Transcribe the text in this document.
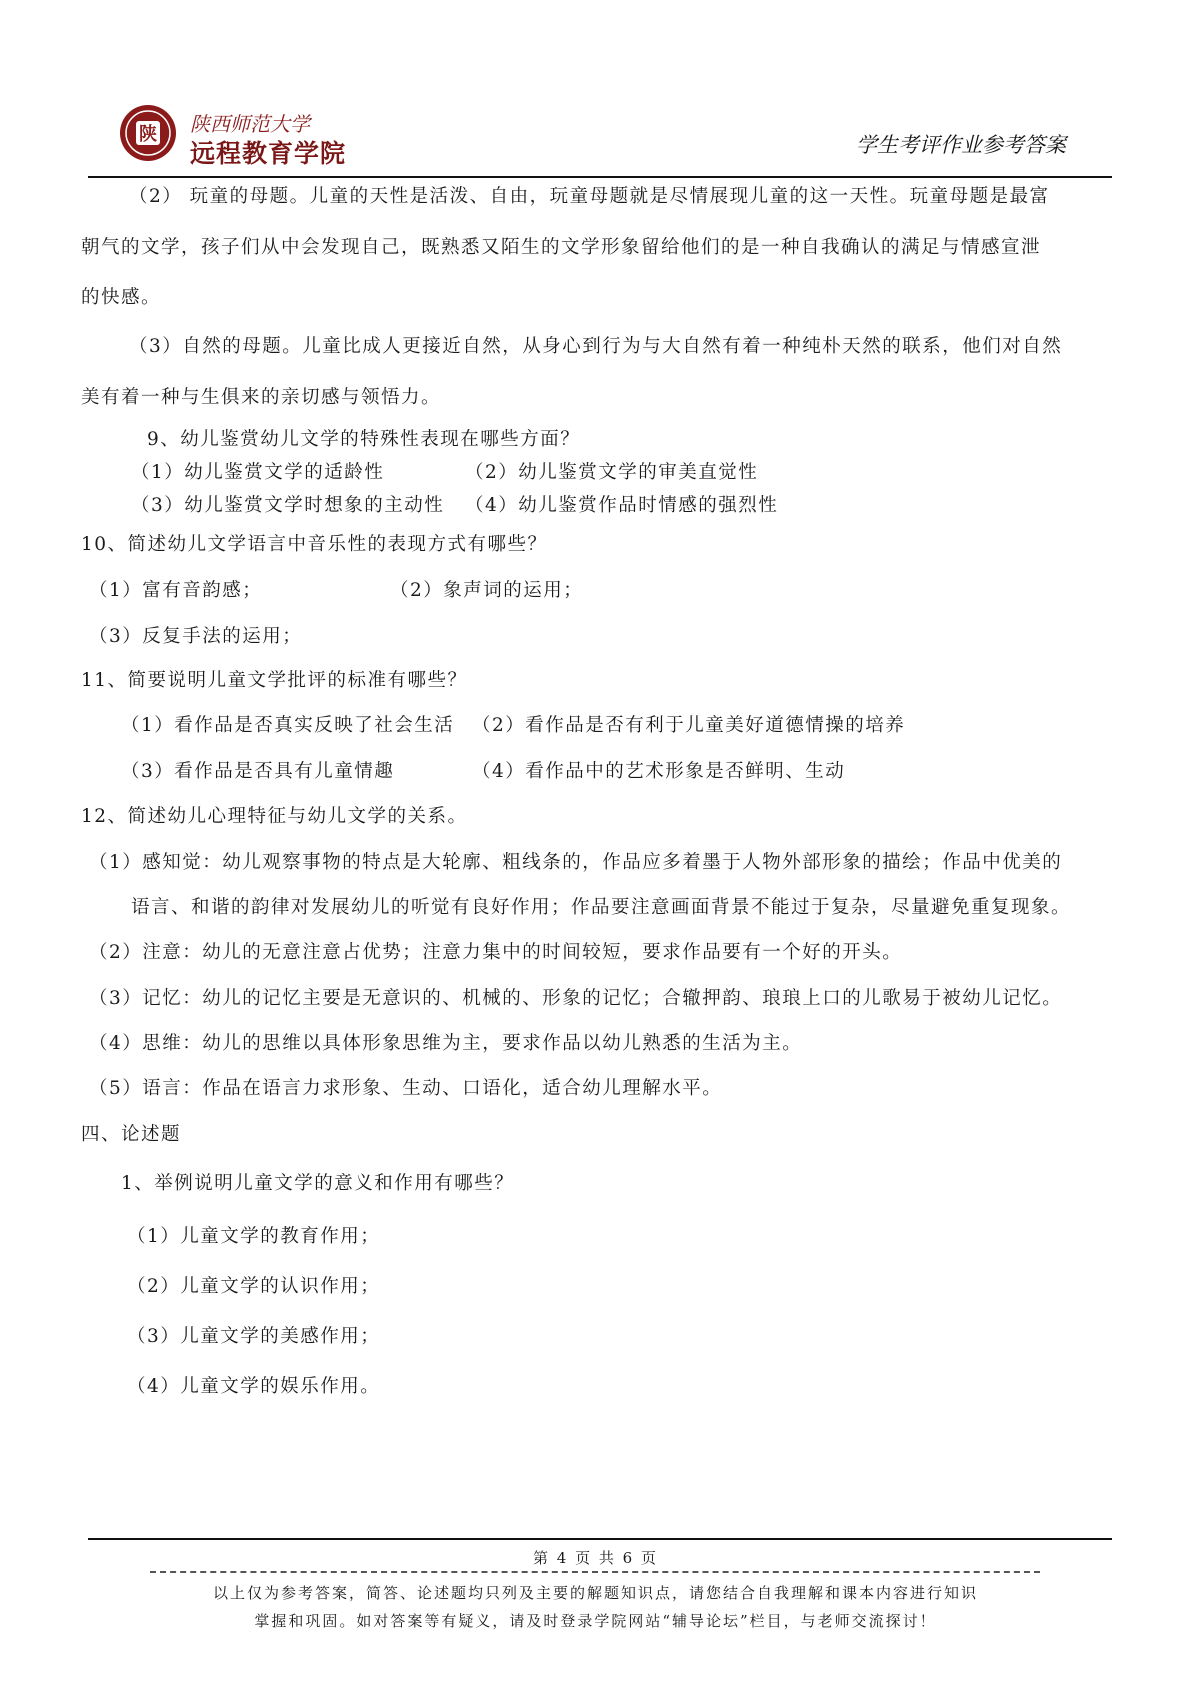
陕 陕西师范大学
远程教育学院	学生考评作业参考答案
（2） 玩童的母题。儿童的天性是活泼、自由，玩童母题就是尽情展现儿童的这一天性。玩童母题是最富
朝气的文学，孩子们从中会发现自己，既熟悉又陌生的文学形象留给他们的是一种自我确认的满足与情感宣泄
的快感。
（3）自然的母题。儿童比成人更接近自然，从身心到行为与大自然有着一种纯朴天然的联系，他们对自然
美有着一种与生俱来的亲切感与领悟力。
9、幼儿鉴赏幼儿文学的特殊性表现在哪些方面？
（1）幼儿鉴赏文学的适龄性	（2）幼儿鉴赏文学的审美直觉性
（3）幼儿鉴赏文学时想象的主动性 （4）幼儿鉴赏作品时情感的强烈性
10、简述幼儿文学语言中音乐性的表现方式有哪些？
（1）富有音韵感；	（2）象声词的运用；
（3）反复手法的运用；
11、简要说明儿童文学批评的标准有哪些？
（1）看作品是否真实反映了社会生活 （2）看作品是否有利于儿童美好道德情操的培养
（3）看作品是否具有儿童情趣	（4）看作品中的艺术形象是否鲜明、生动
12、简述幼儿心理特征与幼儿文学的关系。
（1）感知觉：幼儿观察事物的特点是大轮廓、粗线条的，作品应多着墨于人物外部形象的描绘；作品中优美的
语言、和谐的韵律对发展幼儿的听觉有良好作用；作品要注意画面背景不能过于复杂，尽量避免重复现象。
（2）注意：幼儿的无意注意占优势；注意力集中的时间较短，要求作品要有一个好的开头。
（3）记忆：幼儿的记忆主要是无意识的、机械的、形象的记忆；合辙押韵、琅琅上口的儿歌易于被幼儿记忆。
（4）思维：幼儿的思维以具体形象思维为主，要求作品以幼儿熟悉的生活为主。
（5）语言：作品在语言力求形象、生动、口语化，适合幼儿理解水平。
四、论述题
1、举例说明儿童文学的意义和作用有哪些？
（1）儿童文学的教育作用；
（2）儿童文学的认识作用；
（3）儿童文学的美感作用；
（4）儿童文学的娱乐作用。
第 4 页 共 6 页
以上仅为参考答案，简答、论述题均只列及主要的解题知识点，请您结合自我理解和课本内容进行知识
掌握和巩固。如对答案等有疑义，请及时登录学院网站“辅导论坛”栏目，与老师交流探讨！
